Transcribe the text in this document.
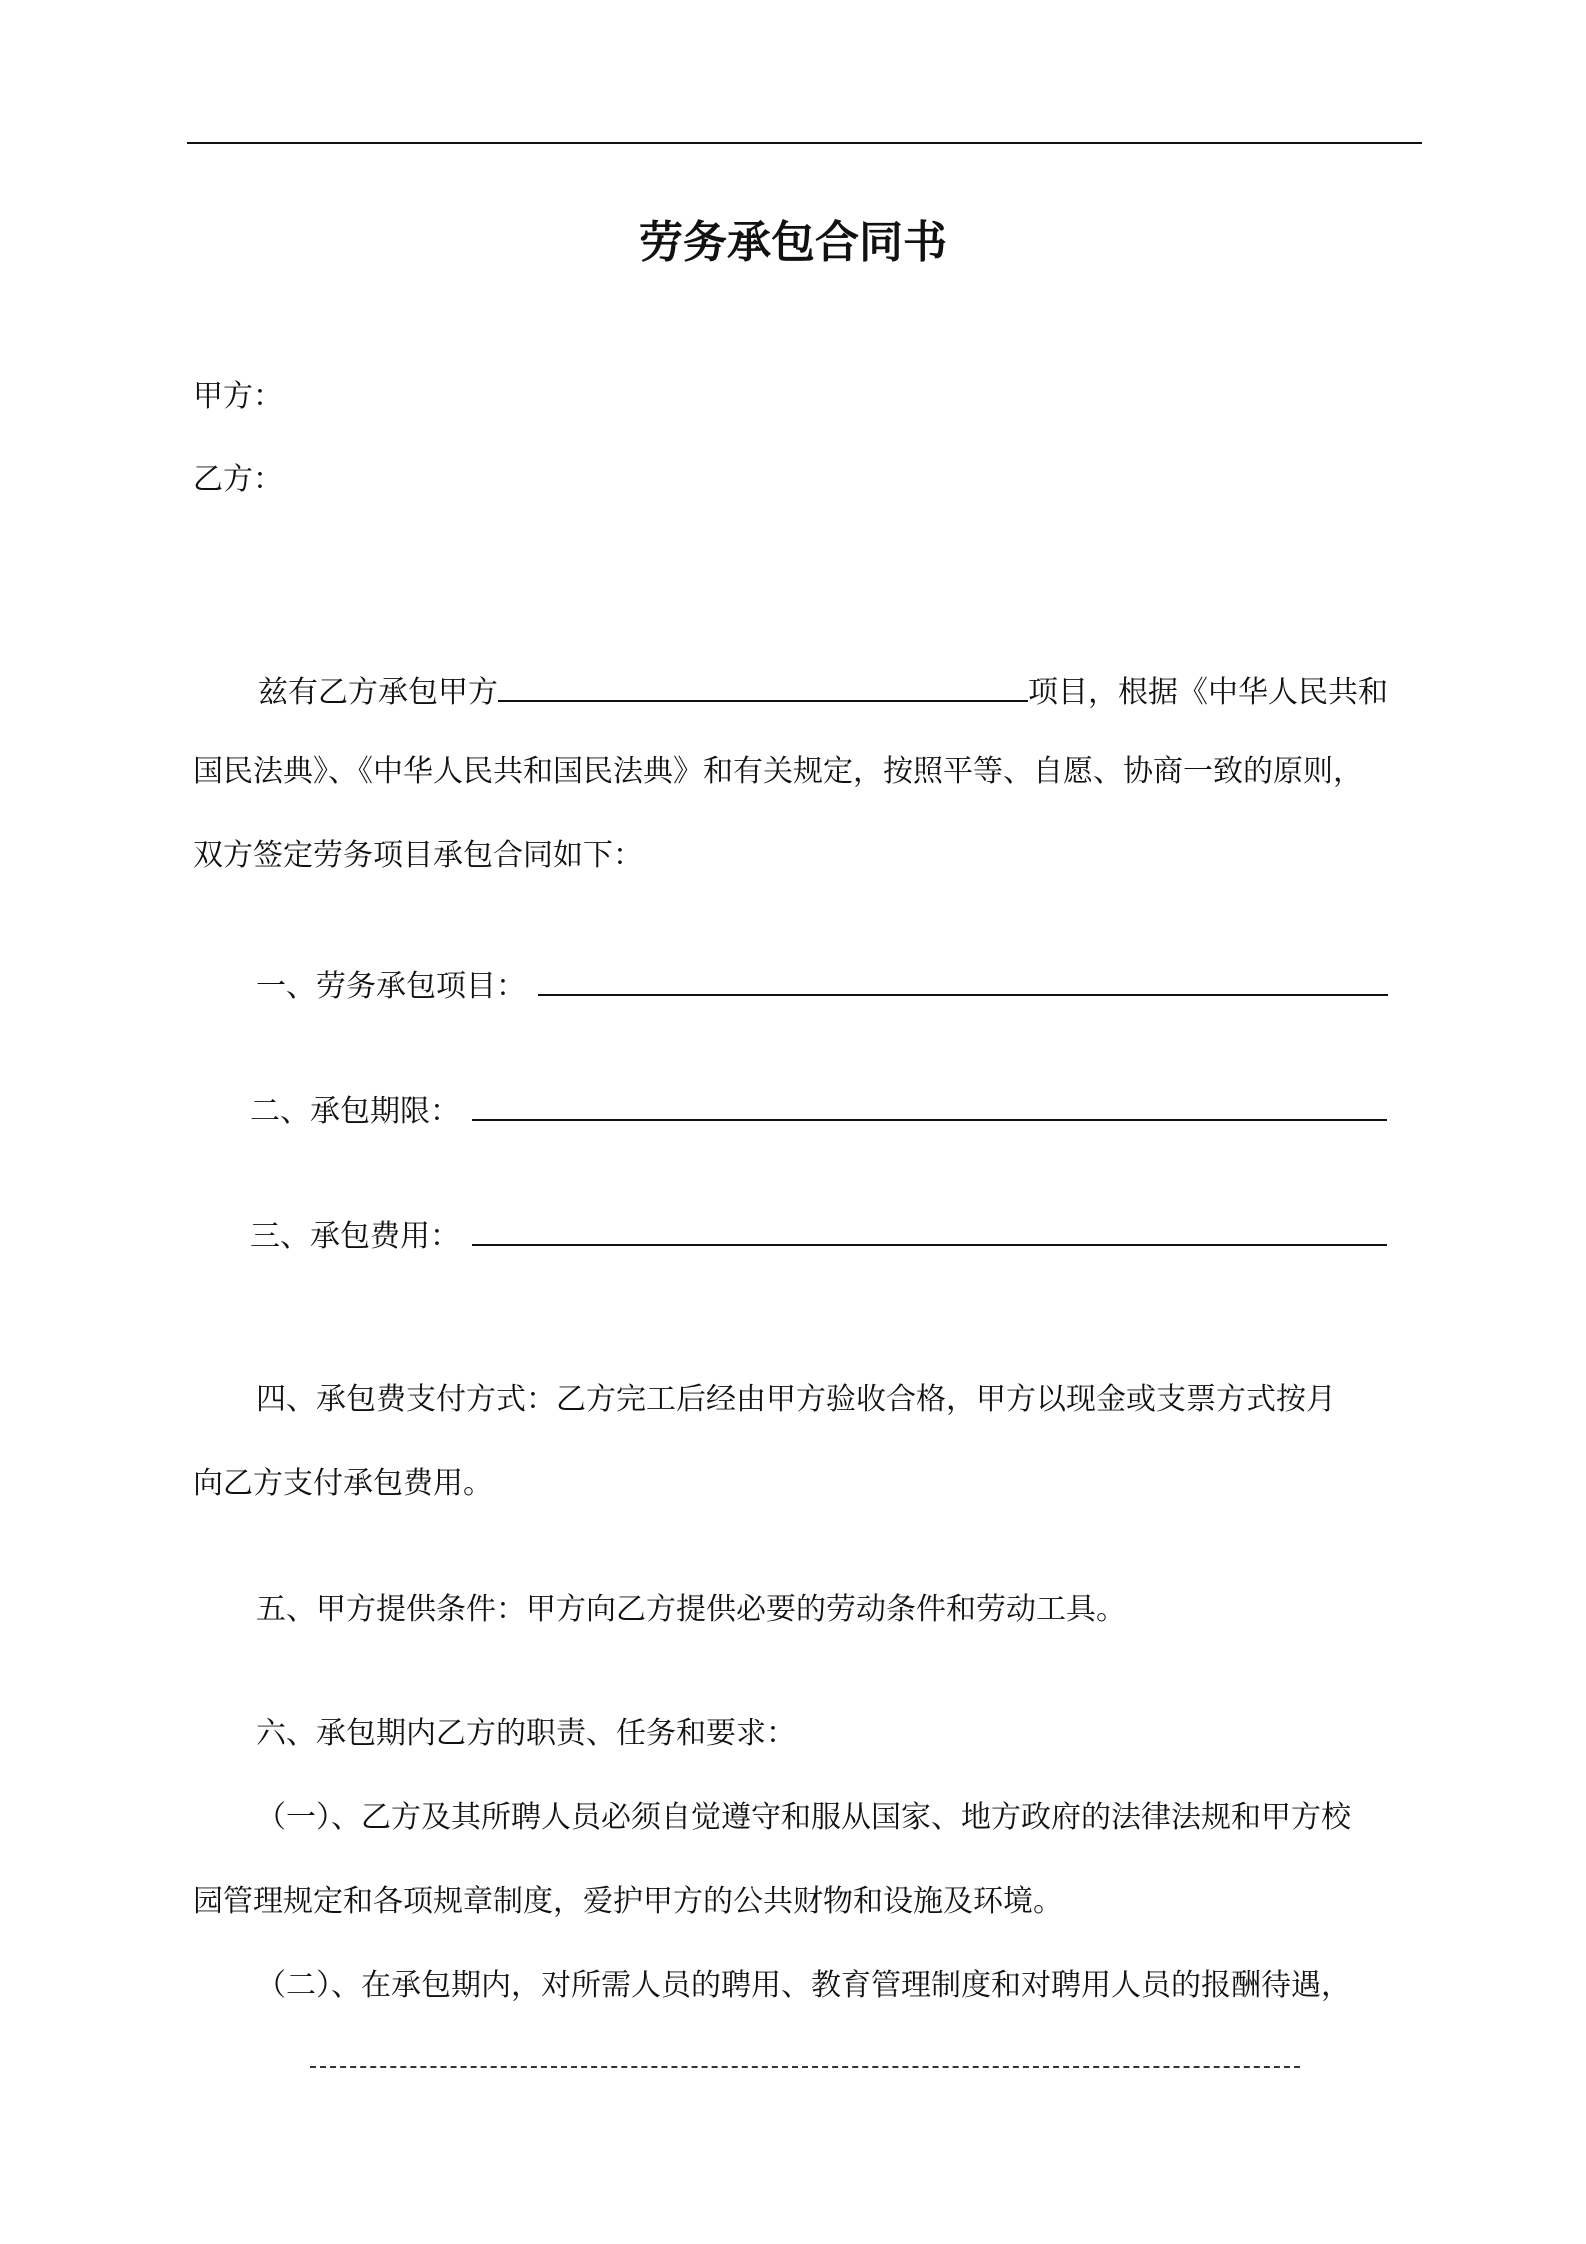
劳务承包合同书
甲方：
乙方：
兹有乙方承包甲方	项目，根据《中华人民共和
国民法典》、《中华人民共和国民法典》和有关规定，按照平等、自愿、协商一致的原则，
双方签定劳务项目承包合同如下：
一、劳务承包项目：
二、承包期限：
三、承包费用：
四、承包费支付方式：乙方完工后经由甲方验收合格，甲方以现金或支票方式按月
向乙方支付承包费用。
五、甲方提供条件：甲方向乙方提供必要的劳动条件和劳动工具。
六、承包期内乙方的职责、任务和要求：
（一）、乙方及其所聘人员必须自觉遵守和服从国家、地方政府的法律法规和甲方校
园管理规定和各项规章制度，爱护甲方的公共财物和设施及环境。
（二）、在承包期内，对所需人员的聘用、教育管理制度和对聘用人员的报酬待遇，
